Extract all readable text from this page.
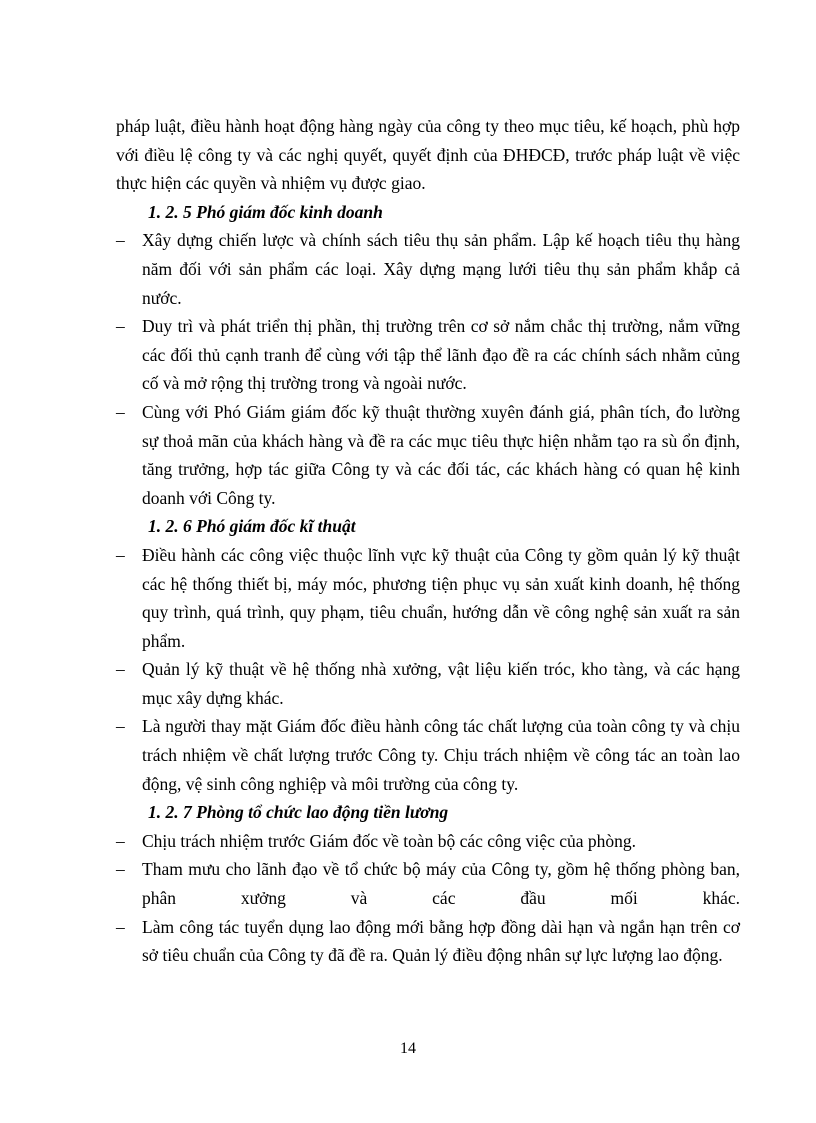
pháp luật, điều hành hoạt động hàng ngày của công ty theo mục tiêu, kế hoạch, phù hợp với điều lệ công ty và các nghị quyết, quyết định của ĐHĐCĐ, trước pháp luật về việc thực hiện các quyền và nhiệm vụ được giao.

1. 2. 5 Phó giám đốc kinh doanh

– Xây dựng chiến lược và chính sách tiêu thụ sản phẩm. Lập kế hoạch tiêu thụ hàng năm đối với sản phẩm các loại. Xây dựng mạng lưới tiêu thụ sản phẩm khắp cả nước.
– Duy trì và phát triển thị phần, thị trường trên cơ sở nắm chắc thị trường, nắm vững các đối thủ cạnh tranh để cùng với tập thể lãnh đạo đề ra các chính sách nhằm củng cố và mở rộng thị trường trong và ngoài nước.
– Cùng với Phó Giám giám đốc kỹ thuật thường xuyên đánh giá, phân tích, đo lường sự thoả mãn của khách hàng và đề ra các mục tiêu thực hiện nhằm tạo ra sù ổn định, tăng trưởng, hợp tác giữa Công ty và các đối tác, các khách hàng có quan hệ kinh doanh với Công ty.

1. 2. 6 Phó giám đốc kĩ thuật

– Điều hành các công việc thuộc lĩnh vực kỹ thuật của Công ty gồm quản lý kỹ thuật các hệ thống thiết bị, máy móc, phương tiện phục vụ sản xuất kinh doanh, hệ thống quy trình, quá trình, quy phạm, tiêu chuẩn, hướng dẫn về công nghệ sản xuất ra sản phẩm.
– Quản lý kỹ thuật về hệ thống nhà xưởng, vật liệu kiến tróc, kho tàng, và các hạng mục xây dựng khác.
– Là người thay mặt Giám đốc điều hành công tác chất lượng của toàn công ty và chịu trách nhiệm về chất lượng trước Công ty. Chịu trách nhiệm về công tác an toàn lao động, vệ sinh công nghiệp và môi trường của công ty.

1. 2. 7 Phòng tổ chức lao động tiền lương

– Chịu trách nhiệm trước Giám đốc về toàn bộ các công việc của phòng.
– Tham mưu cho lãnh đạo về tổ chức bộ máy của Công ty, gồm hệ thống phòng ban, phân xưởng và các đầu mối khác.
– Làm công tác tuyển dụng lao động mới bằng hợp đồng dài hạn và ngắn hạn trên cơ sở tiêu chuẩn của Công ty đã đề ra. Quản lý điều động nhân sự lực lượng lao động.
14
